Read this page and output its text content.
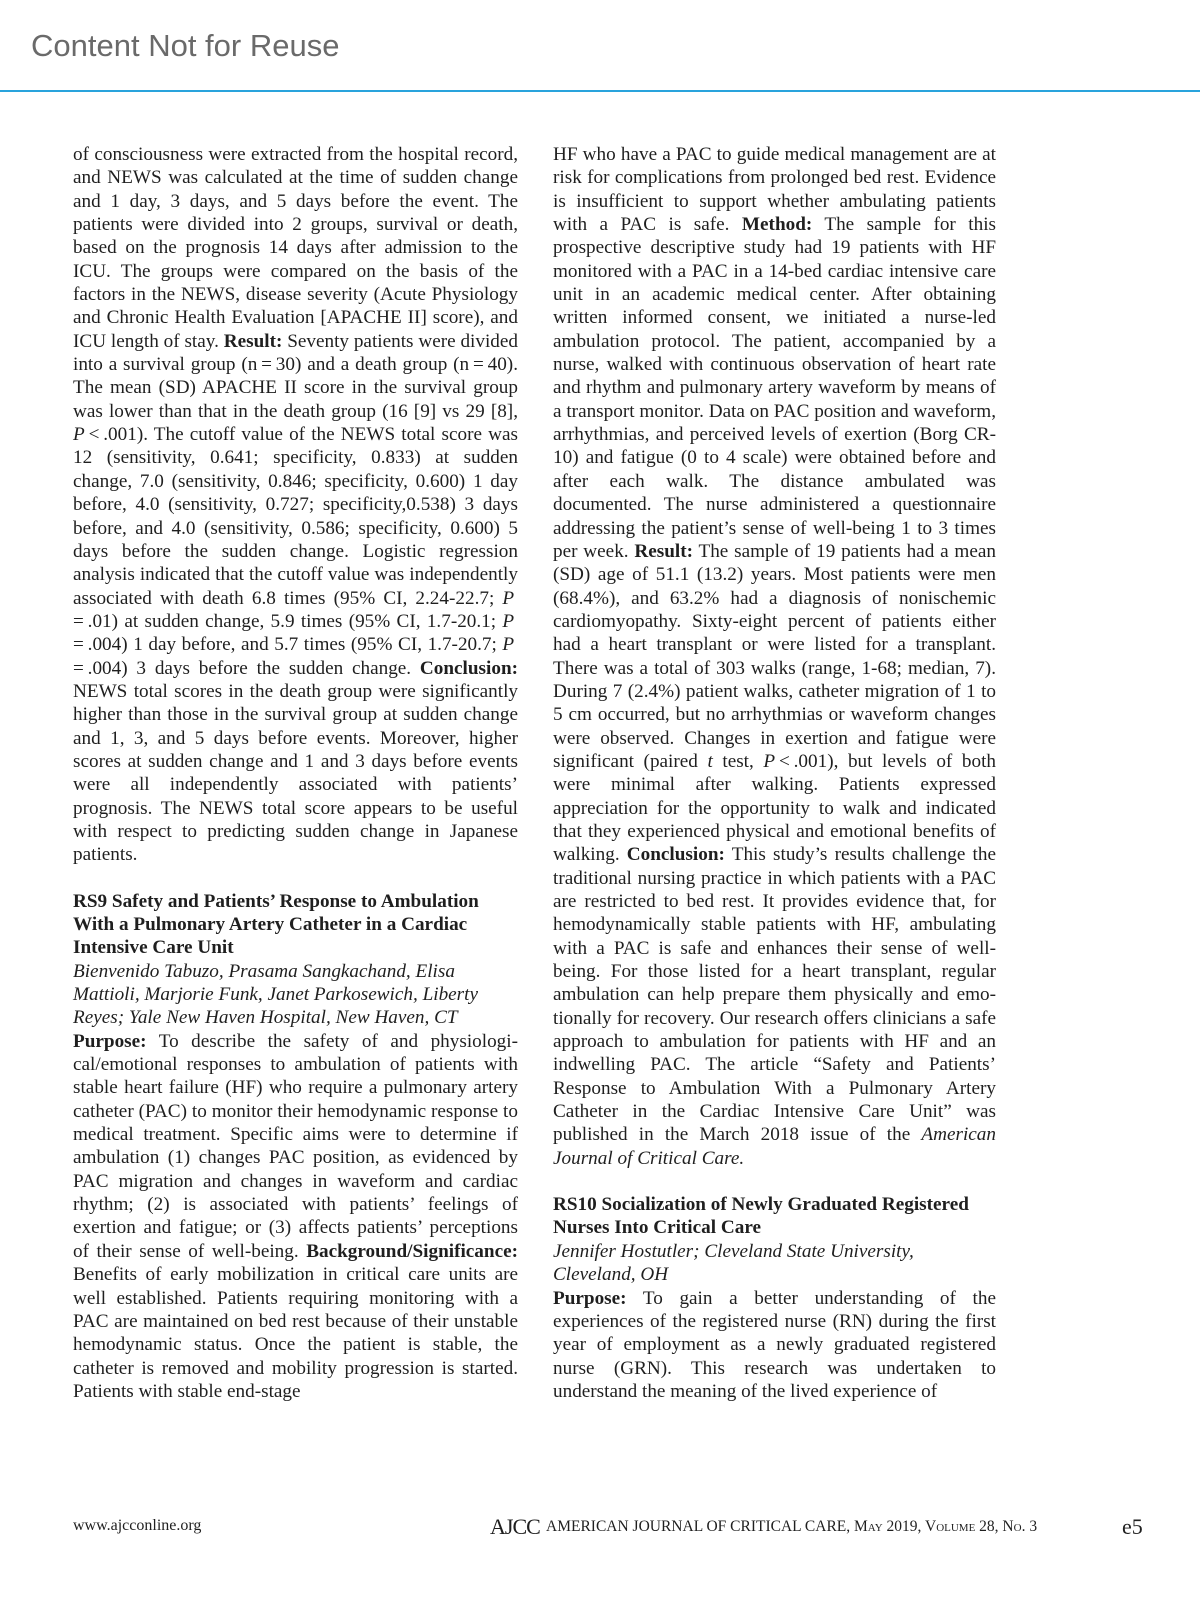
Content Not for Reuse

of consciousness were extracted from the hospital record, and NEWS was calculated at the time of sudden change and 1 day, 3 days, and 5 days before the event. The patients were divided into 2 groups, survival or death, based on the prognosis 14 days after admission to the ICU. The groups were compared on the basis of the factors in the NEWS, disease severity (Acute Physiology and Chronic Health Evaluation [APACHE II] score), and ICU length of stay. Result: Seventy patients were divided into a survival group (n = 30) and a death group (n = 40). The mean (SD) APACHE II score in the survival group was lower than that in the death group (16 [9] vs 29 [8], P < .001). The cutoff value of the NEWS total score was 12 (sensitivity, 0.641; specificity, 0.833) at sudden change, 7.0 (sensitivity, 0.846; specificity, 0.600) 1 day before, 4.0 (sensitivity, 0.727; specificity,0.538) 3 days before, and 4.0 (sensitivity, 0.586; specificity, 0.600) 5 days before the sudden change. Logistic regression analysis indicated that the cutoff value was independently associated with death 6.8 times (95% CI, 2.24-22.7; P = .01) at sudden change, 5.9 times (95% CI, 1.7-20.1; P = .004) 1 day before, and 5.7 times (95% CI, 1.7-20.7; P = .004) 3 days before the sudden change. Conclusion: NEWS total scores in the death group were significantly higher than those in the survival group at sudden change and 1, 3, and 5 days before events. Moreover, higher scores at sudden change and 1 and 3 days before events were all independently associated with patients’ prognosis. The NEWS total score appears to be useful with respect to predicting sudden change in Japanese patients.

RS9 Safety and Patients’ Response to Ambulation With a Pulmonary Artery Catheter in a Cardiac Intensive Care Unit

Bienvenido Tabuzo, Prasama Sangkachand, Elisa Mattioli, Marjorie Funk, Janet Parkosewich, Liberty Reyes; Yale New Haven Hospital, New Haven, CT

Purpose: To describe the safety of and physiological/emotional responses to ambulation of patients with stable heart failure (HF) who require a pulmonary artery catheter (PAC) to monitor their hemodynamic response to medical treatment. Specific aims were to determine if ambulation (1) changes PAC position, as evidenced by PAC migration and changes in waveform and cardiac rhythm; (2) is associated with patients’ feelings of exertion and fatigue; or (3) affects patients’ perceptions of their sense of well-being. Background/Significance: Benefits of early mobilization in critical care units are well established. Patients requiring monitoring with a PAC are maintained on bed rest because of their unstable hemodynamic status. Once the patient is stable, the catheter is removed and mobility progression is started. Patients with stable end-stage

HF who have a PAC to guide medical management are at risk for complications from prolonged bed rest. Evidence is insufficient to support whether ambulating patients with a PAC is safe. Method: The sample for this prospective descriptive study had 19 patients with HF monitored with a PAC in a 14-bed cardiac intensive care unit in an academic medical center. After obtaining written informed consent, we initiated a nurse-led ambulation protocol. The patient, accompanied by a nurse, walked with continuous observation of heart rate and rhythm and pulmonary artery waveform by means of a transport monitor. Data on PAC position and waveform, arrhythmias, and perceived levels of exertion (Borg CR-10) and fatigue (0 to 4 scale) were obtained before and after each walk. The distance ambulated was documented. The nurse administered a questionnaire addressing the patient’s sense of well-being 1 to 3 times per week. Result: The sample of 19 patients had a mean (SD) age of 51.1 (13.2) years. Most patients were men (68.4%), and 63.2% had a diagnosis of nonischemic cardiomyopathy. Sixty-eight percent of patients either had a heart transplant or were listed for a transplant. There was a total of 303 walks (range, 1-68; median, 7). During 7 (2.4%) patient walks, catheter migration of 1 to 5 cm occurred, but no arrhythmias or waveform changes were observed. Changes in exertion and fatigue were significant (paired t test, P < .001), but levels of both were minimal after walking. Patients expressed appreciation for the opportunity to walk and indicated that they experienced physical and emotional benefits of walking. Conclusion: This study’s results challenge the traditional nursing practice in which patients with a PAC are restricted to bed rest. It provides evidence that, for hemodynamically stable patients with HF, ambulating with a PAC is safe and enhances their sense of well-being. For those listed for a heart transplant, regular ambulation can help prepare them physically and emotionally for recovery. Our research offers clinicians a safe approach to ambulation for patients with HF and an indwelling PAC. The article “Safety and Patients’ Response to Ambulation With a Pulmonary Artery Catheter in the Cardiac Intensive Care Unit” was published in the March 2018 issue of the American Journal of Critical Care.

RS10 Socialization of Newly Graduated Registered Nurses Into Critical Care

Jennifer Hostutler; Cleveland State University, Cleveland, OH

Purpose: To gain a better understanding of the experiences of the registered nurse (RN) during the first year of employment as a newly graduated registered nurse (GRN). This research was undertaken to understand the meaning of the lived experience of

www.ajcconline.org	AJCC AMERICAN JOURNAL OF CRITICAL CARE, May 2019, Volume 28, No. 3	e5
